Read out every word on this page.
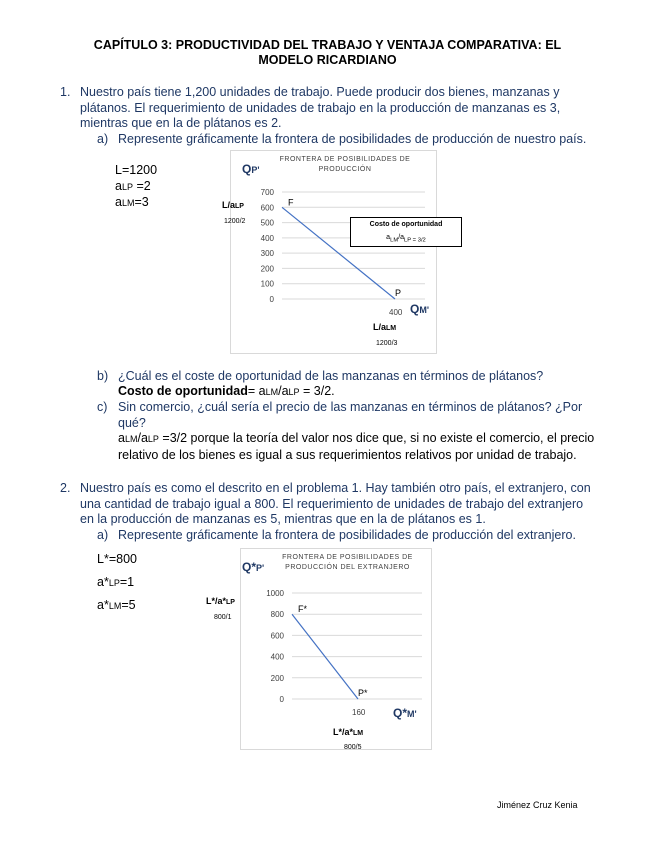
CAPÍTULO 3: PRODUCTIVIDAD DEL TRABAJO Y VENTAJA COMPARATIVA: EL
MODELO RICARDIANO
1. Nuestro país tiene 1,200 unidades de trabajo. Puede producir dos bienes, manzanas y
plátanos. El requerimiento de unidades de trabajo en la producción de manzanas es 3,
mientras que en la de plátanos es 2.
a) Represente gráficamente la frontera de posibilidades de producción de nuestro país.
L=1200
aLP =2
aLM=3
FRONTERA DE POSIBILIDADES DE PRODUCCIÓN
QP'
L/aLP
1200/2
0
100
200
300
400
500
600
700
F
P
400 QM'
Costo de oportunidad
$a_{LM}/a_{LP = 3/2}$
L/aLM
1200/3
b) ¿Cuál es el coste de oportunidad de las manzanas en términos de plátanos?
Costo de oportunidad= aLM/aLP = 3/2.
c) Sin comercio, ¿cuál sería el precio de las manzanas en términos de plátanos? ¿Por
qué?
aLM/aLP =3/2 porque la teoría del valor nos dice que, si no existe el comercio, el precio
relativo de los bienes es igual a sus requerimientos relativos por unidad de trabajo.
2. Nuestro país es como el descrito en el problema 1. Hay también otro país, el extranjero, con
una cantidad de trabajo igual a 800. El requerimiento de unidades de trabajo del extranjero
en la producción de manzanas es 5, mientras que en la de plátanos es 1.
a) Represente gráficamente la frontera de posibilidades de producción del extranjero.
L*=800
a*LP=1
a*LM=5
FRONTERA DE POSIBILIDADES DE PRODUCCIÓN DEL EXTRANJERO
Q*P'
L*/a*LP
800/1
0
200
400
600
800
1000
F*
P*
160 Q*M'
L*/a*LM
800/5
Jiménez Cruz Kenia
